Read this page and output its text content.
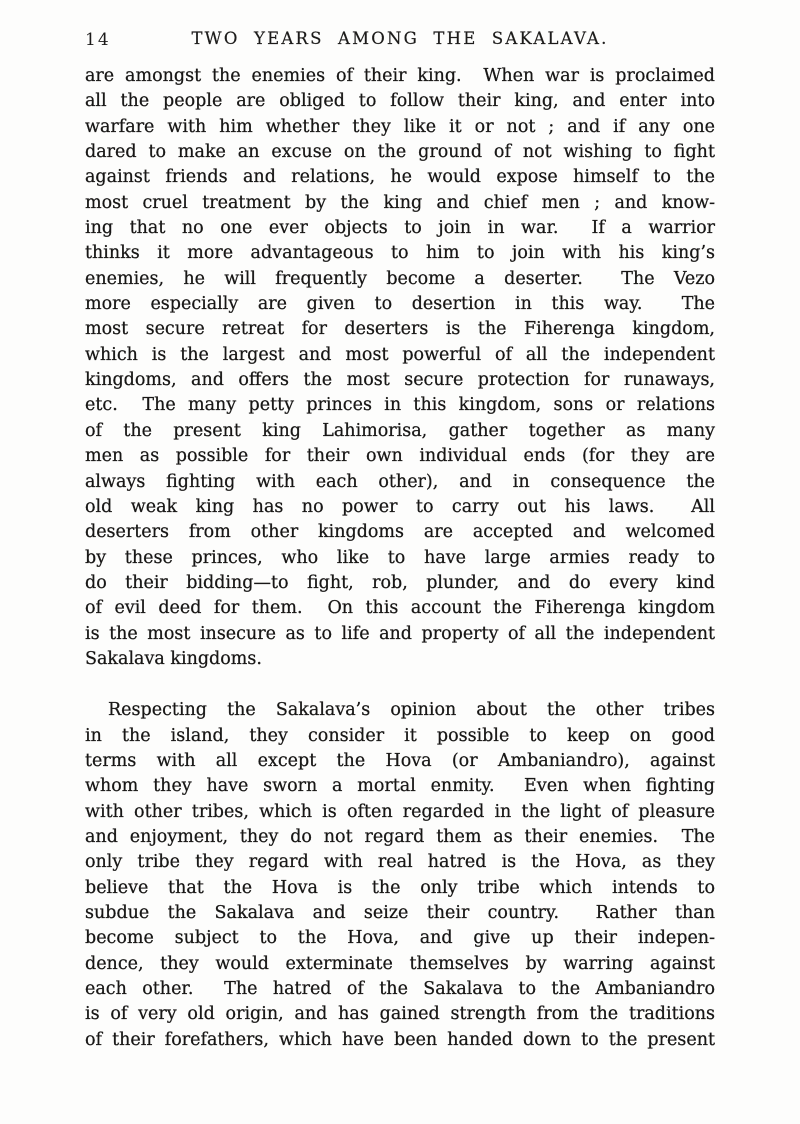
14	TWO YEARS AMONG THE SAKALAVA.
are amongst the enemies of their king.  When war is proclaimed
all the people are obliged to follow their king, and enter into
warfare with him whether they like it or not ; and if any one
dared to make an excuse on the ground of not wishing to fight
against friends and relations, he would expose himself to the
most cruel treatment by the king and chief men ; and know-
ing that no one ever objects to join in war.  If a warrior
thinks it more advantageous to him to join with his king’s
enemies, he will frequently become a deserter.  The Vezo
more especially are given to desertion in this way.  The
most secure retreat for deserters is the Fiherenga kingdom,
which is the largest and most powerful of all the independent
kingdoms, and offers the most secure protection for runaways,
etc.  The many petty princes in this kingdom, sons or relations
of the present king Lahimorisa, gather together as many
men as possible for their own individual ends (for they are
always fighting with each other), and in consequence the
old weak king has no power to carry out his laws.  All
deserters from other kingdoms are accepted and welcomed
by these princes, who like to have large armies ready to
do their bidding—to fight, rob, plunder, and do every kind
of evil deed for them.  On this account the Fiherenga kingdom
is the most insecure as to life and property of all the independent
Sakalava kingdoms.
Respecting the Sakalava’s opinion about the other tribes
in the island, they consider it possible to keep on good
terms with all except the Hova (or Ambaniandro), against
whom they have sworn a mortal enmity.  Even when fighting
with other tribes, which is often regarded in the light of pleasure
and enjoyment, they do not regard them as their enemies.  The
only tribe they regard with real hatred is the Hova, as they
believe that the Hova is the only tribe which intends to
subdue the Sakalava and seize their country.  Rather than
become subject to the Hova, and give up their indepen-
dence, they would exterminate themselves by warring against
each other.  The hatred of the Sakalava to the Ambaniandro
is of very old origin, and has gained strength from the traditions
of their forefathers, which have been handed down to the present
